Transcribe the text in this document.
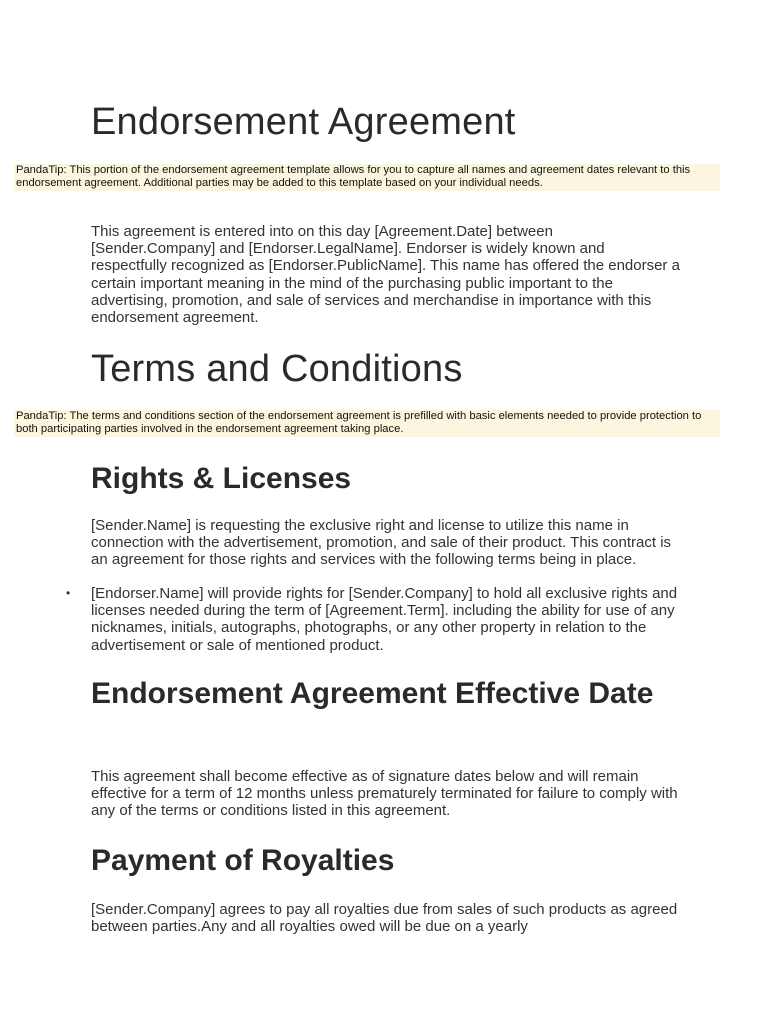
Endorsement Agreement
PandaTip: This portion of the endorsement agreement template allows for you to capture all names and agreement dates relevant to this endorsement agreement. Additional parties may be added to this template based on your individual needs.

This agreement is entered into on this day [Agreement.Date] between [Sender.Company] and [Endorser.LegalName]. Endorser is widely known and respectfully recognized as [Endorser.PublicName]. This name has offered the endorser a certain important meaning in the mind of the purchasing public important to the advertising, promotion, and sale of services and merchandise in importance with this endorsement agreement.

Terms and Conditions
PandaTip: The terms and conditions section of the endorsement agreement is prefilled with basic elements needed to provide protection to both participating parties involved in the endorsement agreement taking place.
Rights & Licenses

[Sender.Name] is requesting the exclusive right and license to utilize this name in connection with the advertisement, promotion, and sale of their product. This contract is an agreement for those rights and services with the following terms being in place.

• [Endorser.Name] will provide rights for [Sender.Company] to hold all exclusive rights and licenses needed during the term of [Agreement.Term]. including the ability for use of any nicknames, initials, autographs, photographs, or any other property in relation to the advertisement or sale of mentioned product.
Endorsement Agreement Effective Date

This agreement shall become effective as of signature dates below and will remain effective for a term of 12 months unless prematurely terminated for failure to comply with any of the terms or conditions listed in this agreement.

Payment of Royalties

[Sender.Company] agrees to pay all royalties due from sales of such products as agreed between parties.Any and all royalties owed will be due on a yearly
